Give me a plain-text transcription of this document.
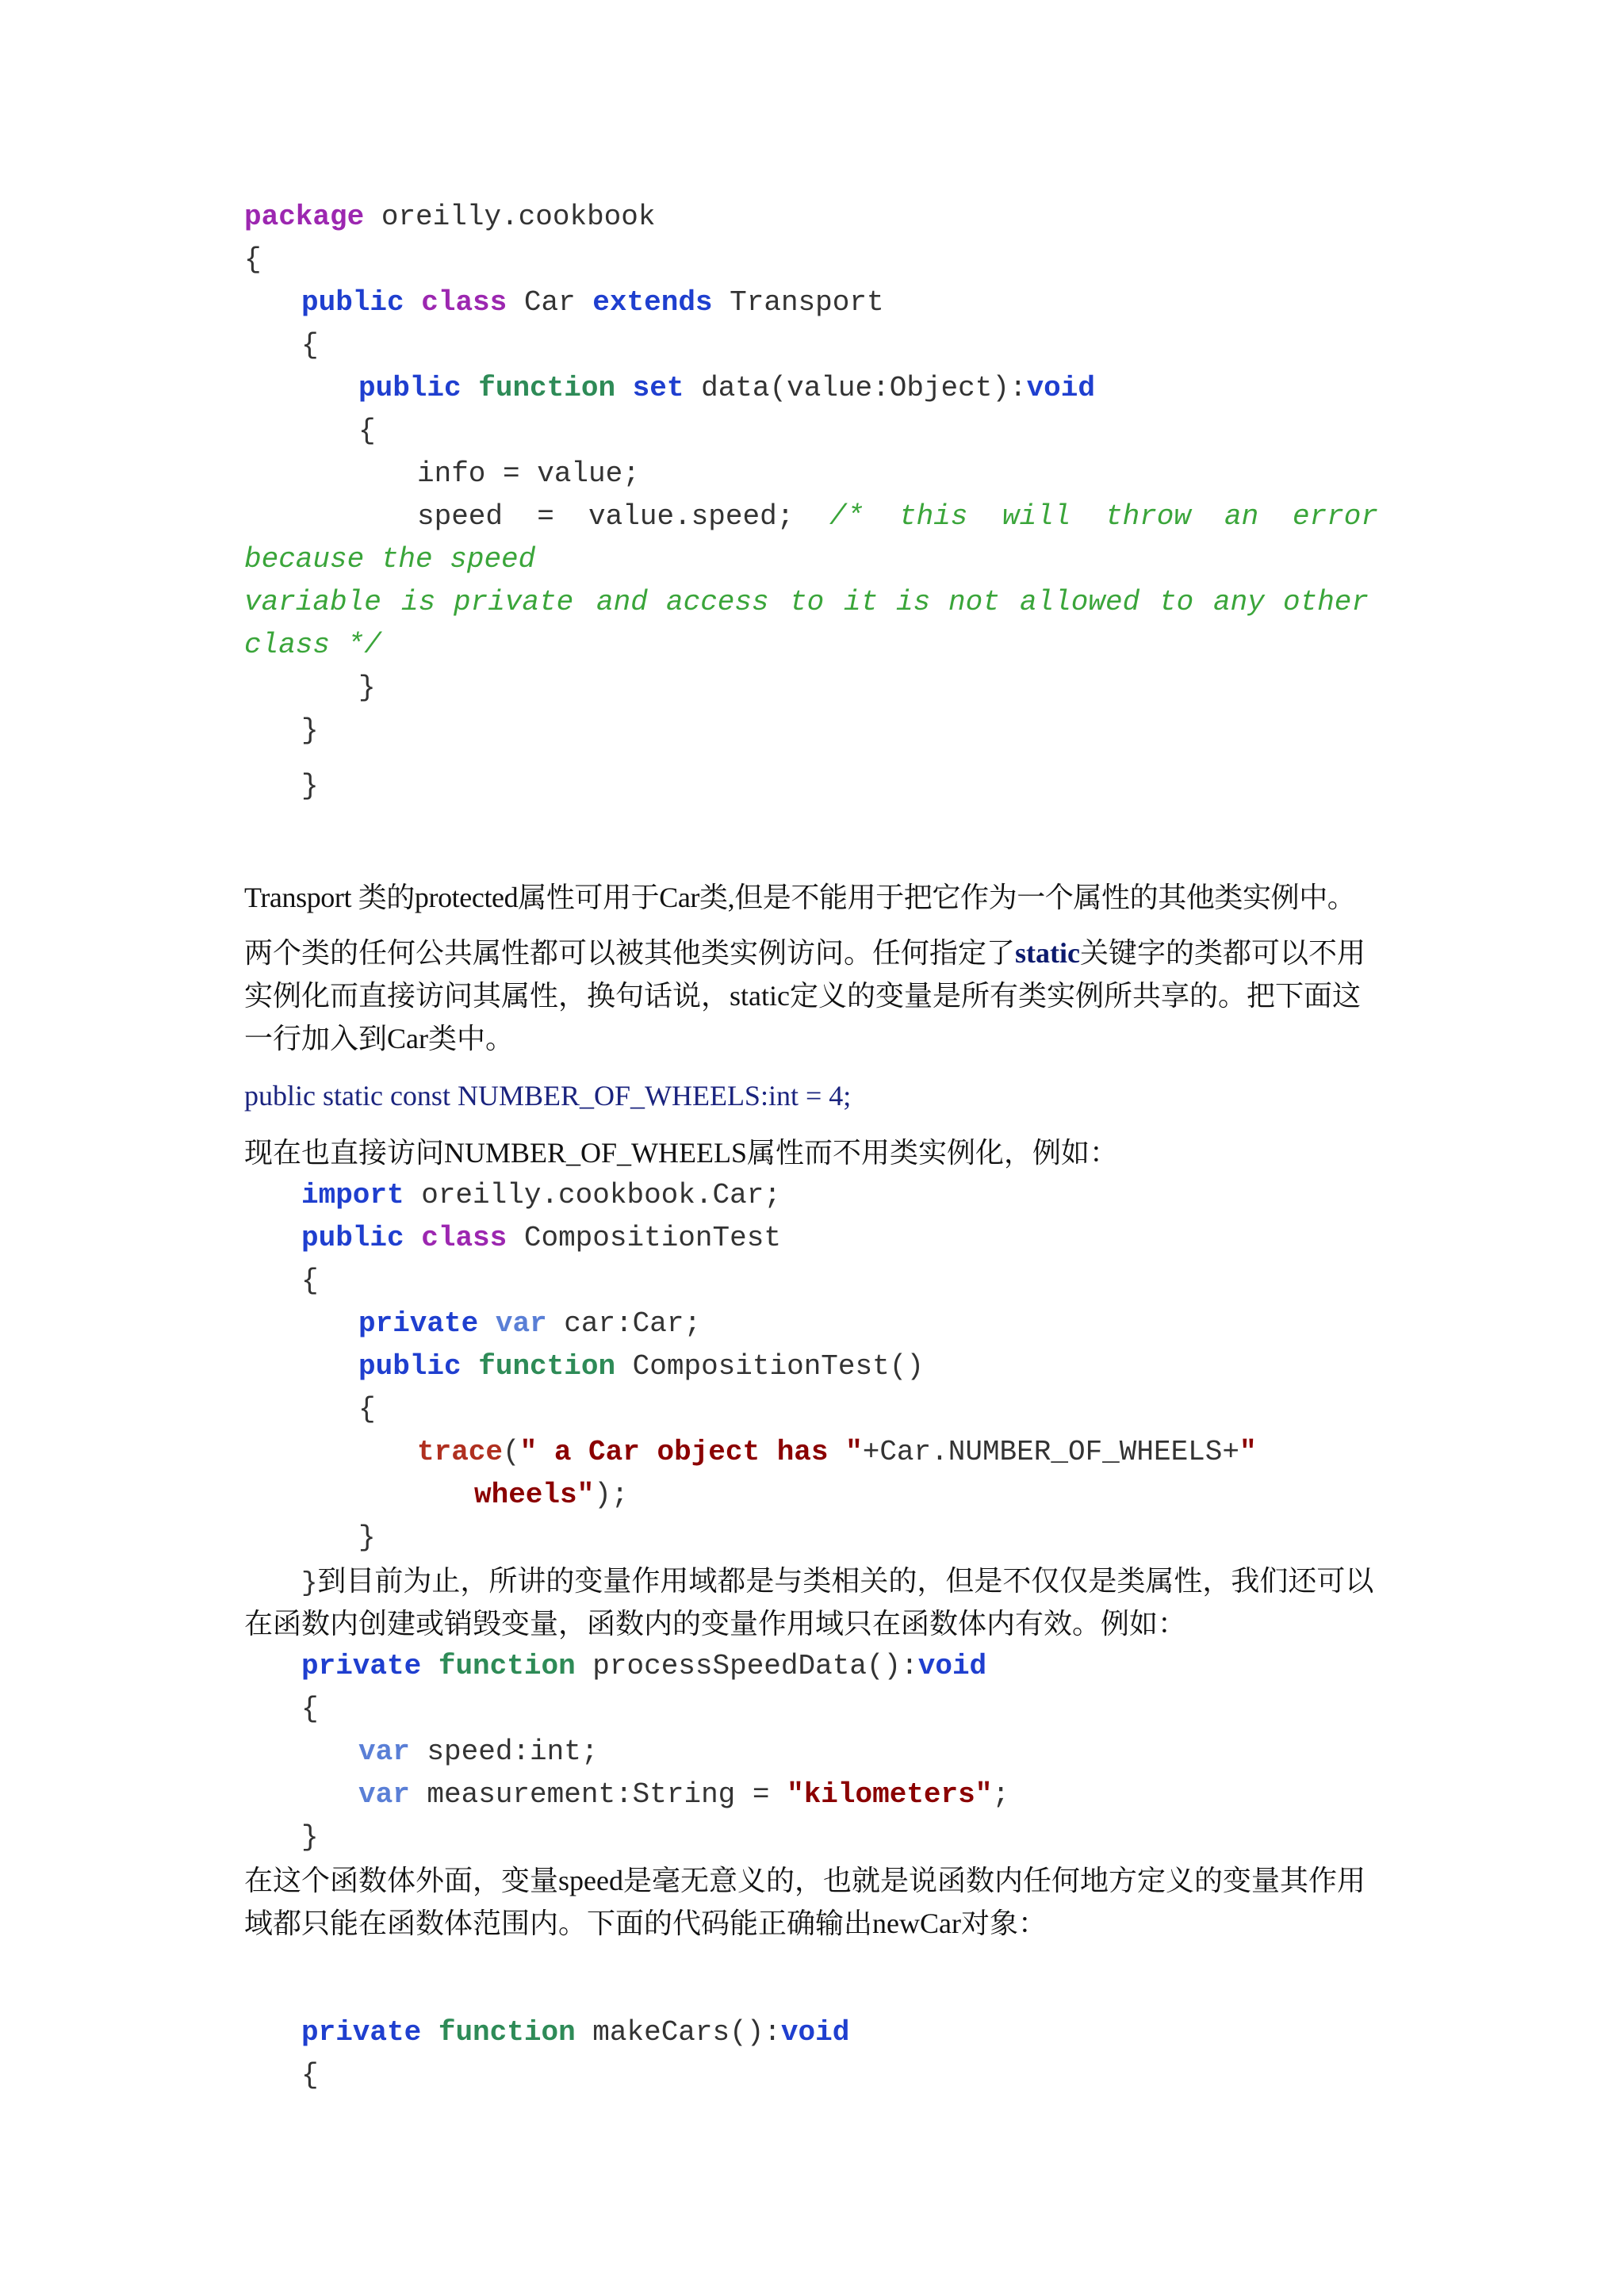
package oreilly.cookbook
{
public class Car extends Transport
{
public function set data(value:Object):void
{
info = value;
speed  =  value.speed; /* this will throw an error
because the speed
variable is private and access to it is not allowed to any other
class */
}
}
}
Transport 类的protected属性可用于Car类,但是不能用于把它作为一个属性的其他类实例中。
两个类的任何公共属性都可以被其他类实例访问。任何指定了static关键字的类都可以不用
实例化而直接访问其属性，换句话说，static定义的变量是所有类实例所共享的。把下面这
一行加入到Car类中。
public static const NUMBER_OF_WHEELS:int = 4;
现在也直接访问NUMBER_OF_WHEELS属性而不用类实例化，例如：
import oreilly.cookbook.Car;
public class CompositionTest
{
private var car:Car;
public function CompositionTest()
{
trace(" a Car object has "+Car.NUMBER_OF_WHEELS+"
wheels");
}
}到目前为止，所讲的变量作用域都是与类相关的，但是不仅仅是类属性，我们还可以
在函数内创建或销毁变量，函数内的变量作用域只在函数体内有效。例如：
private function processSpeedData():void
{
var speed:int;
var measurement:String = "kilometers";
}
在这个函数体外面，变量speed是毫无意义的，也就是说函数内任何地方定义的变量其作用
域都只能在函数体范围内。下面的代码能正确输出newCar对象：
private function makeCars():void
{
